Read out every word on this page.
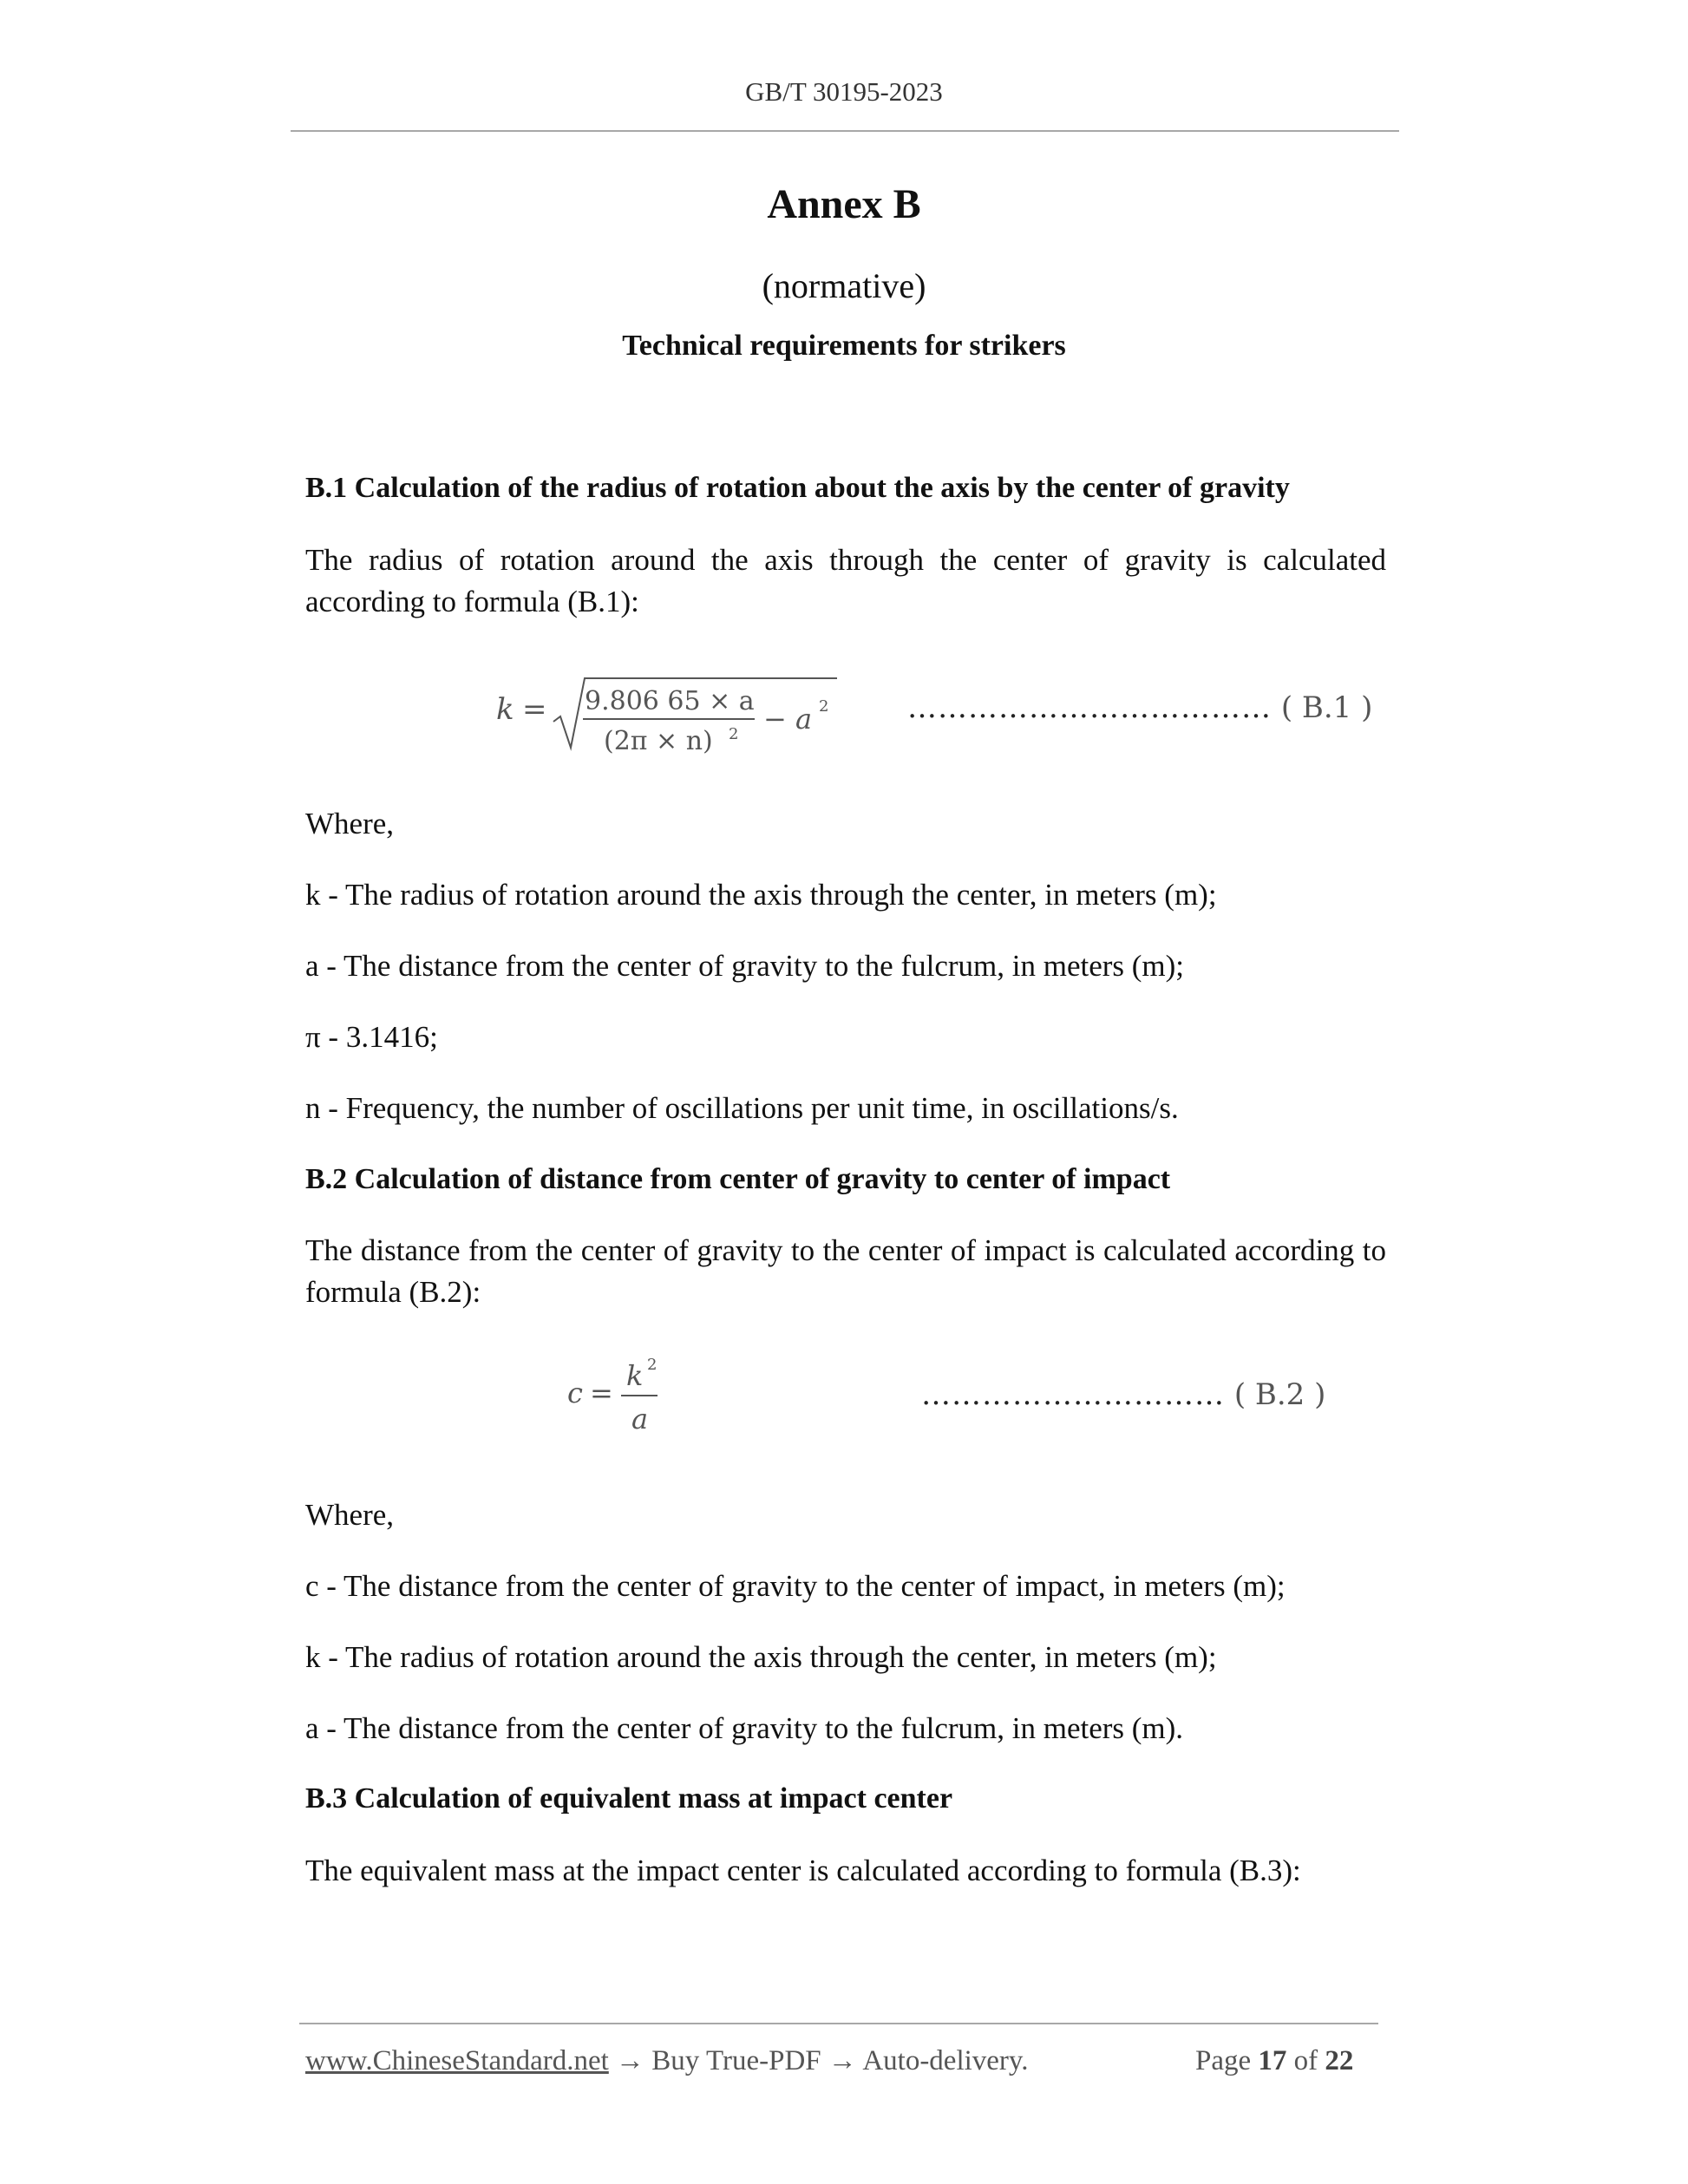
GB/T 30195-2023
Annex B
(normative)
Technical requirements for strikers
B.1 Calculation of the radius of rotation about the axis by the center of gravity
The radius of rotation around the axis through the center of gravity is calculated according to formula (B.1):
k = 9.806 65 × a
(2π × n) 2 − a 2	……………………………… ( B.1 )
Where,
k - The radius of rotation around the axis through the center, in meters (m);
a - The distance from the center of gravity to the fulcrum, in meters (m);
π - 3.1416;
n - Frequency, the number of oscillations per unit time, in oscillations/s.
B.2 Calculation of distance from center of gravity to center of impact
The distance from the center of gravity to the center of impact is calculated according to formula (B.2):
c =
k 2
a
………………………… ( B.2 )
Where,
c - The distance from the center of gravity to the center of impact, in meters (m);
k - The radius of rotation around the axis through the center, in meters (m);
a - The distance from the center of gravity to the fulcrum, in meters (m).
B.3 Calculation of equivalent mass at impact center
The equivalent mass at the impact center is calculated according to formula (B.3):
www.ChineseStandard.net → Buy True-PDF → Auto-delivery.	Page 17 of 22
